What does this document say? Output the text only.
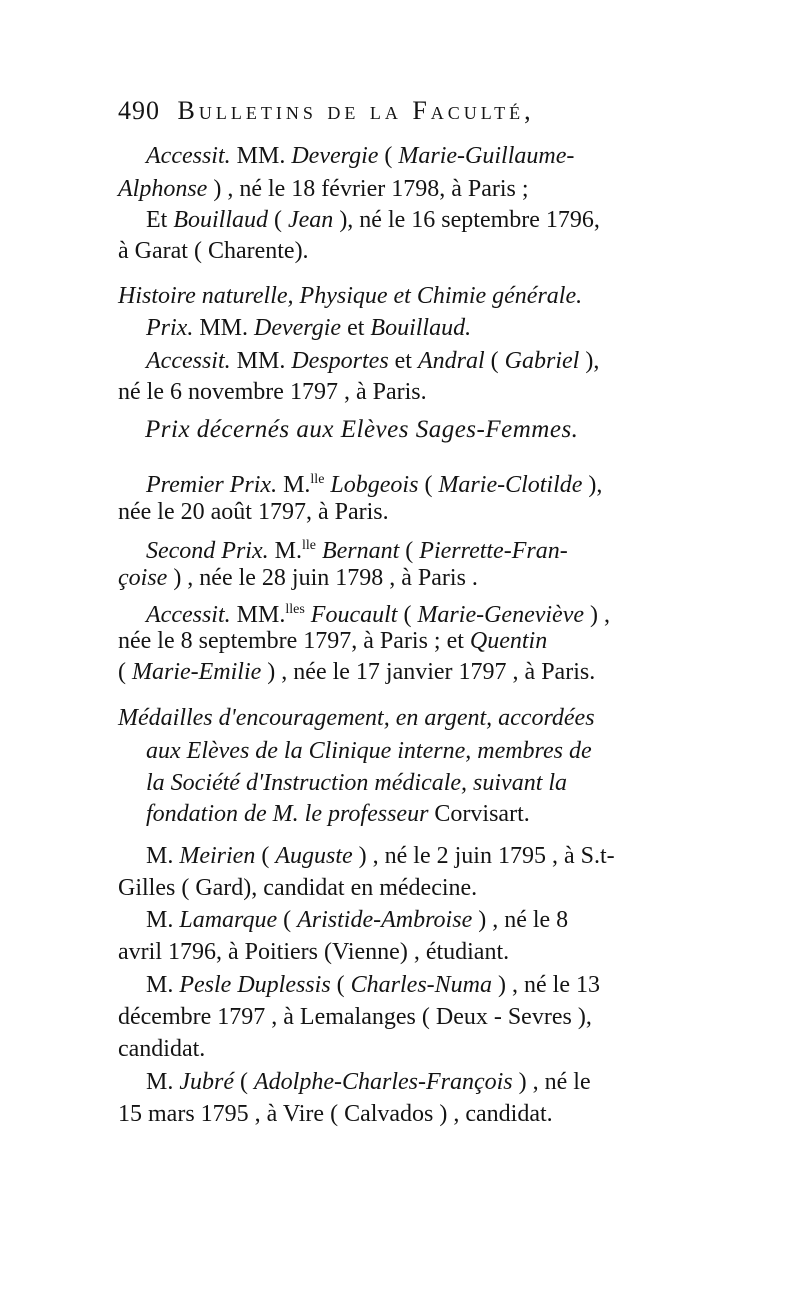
490 Bulletins de la Faculté,
Accessit. MM. Devergie ( Marie-Guillaume-
Alphonse ) , né le 18 février 1798, à Paris ;
Et Bouillaud ( Jean ), né le 16 septembre 1796,
à Garat ( Charente).
Histoire naturelle, Physique et Chimie générale.
Prix. MM. Devergie et Bouillaud.
Accessit. MM. Desportes et Andral ( Gabriel ),
né le 6 novembre 1797 , à Paris.
Prix décernés aux Elèves Sages-Femmes.
Premier Prix. M.$^{lle}$ Lobgeois ( Marie-Clotilde ),
née le 20 août 1797, à Paris.
Second Prix. M.$^{lle}$ Bernant ( Pierrette-Fran-
çoise ) , née le 28 juin 1798 , à Paris .
Accessit. MM.$^{lles}$ Foucault ( Marie-Geneviève ) ,
née le 8 septembre 1797, à Paris ; et Quentin
( Marie-Emilie ) , née le 17 janvier 1797 , à Paris.
Médailles d'encouragement, en argent, accordées
aux Elèves de la Clinique interne, membres de
la Société d'Instruction médicale, suivant la
fondation de M. le professeur Corvisart.
M. Meirien ( Auguste ) , né le 2 juin 1795 , à S.t-
Gilles ( Gard), candidat en médecine.
M. Lamarque ( Aristide-Ambroise ) , né le 8
avril 1796, à Poitiers (Vienne) , étudiant.
M. Pesle Duplessis ( Charles-Numa ) , né le 13
décembre 1797 , à Lemalanges ( Deux - Sevres ),
candidat.
M. Jubré ( Adolphe-Charles-François ) , né le
15 mars 1795 , à Vire ( Calvados ) , candidat.
